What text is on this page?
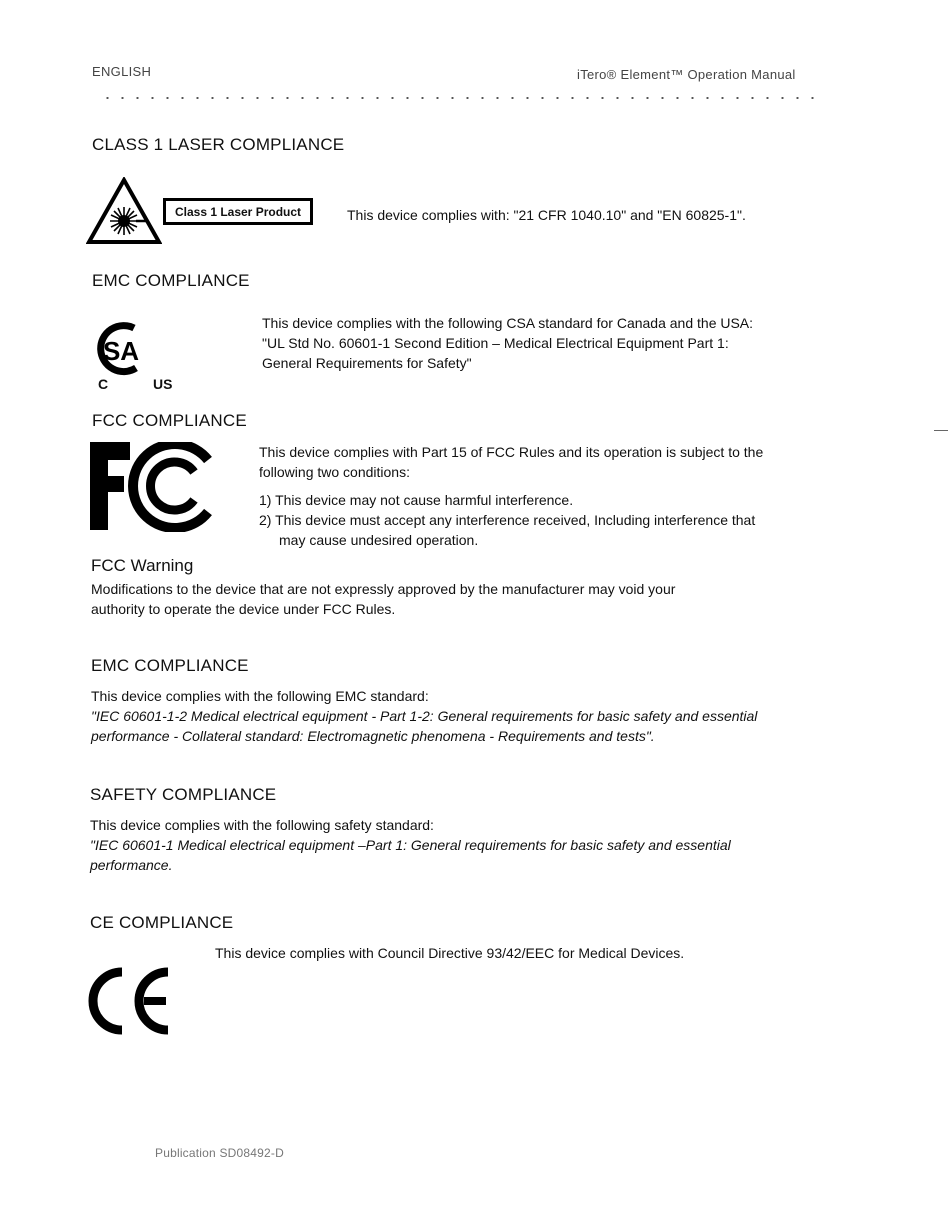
ENGLISH	iTero® Element™ Operation Manual
CLASS 1 LASER COMPLIANCE
Class 1 Laser Product	This device complies with: "21 CFR 1040.10" and "EN 60825-1".
EMC COMPLIANCE
SA
C	US
This device complies with the following CSA standard for Canada and the USA:
"UL Std No. 60601-1 Second Edition – Medical Electrical Equipment Part 1:
General Requirements for Safety"
FCC COMPLIANCE
This device complies with Part 15 of FCC Rules and its operation is subject to the
following two conditions:
1) This device may not cause harmful interference.
2) This device must accept any interference received, Including interference that
may cause undesired operation.
FCC Warning
Modifications to the device that are not expressly approved by the manufacturer may void your
authority to operate the device under FCC Rules.
EMC COMPLIANCE
This device complies with the following EMC standard:
"IEC 60601-1-2 Medical electrical equipment - Part 1-2: General requirements for basic safety and essential
performance - Collateral standard: Electromagnetic phenomena - Requirements and tests".
SAFETY COMPLIANCE
This device complies with the following safety standard:
"IEC 60601-1 Medical electrical equipment –Part 1: General requirements for basic safety and essential
performance.
CE COMPLIANCE
This device complies with Council Directive 93/42/EEC for Medical Devices.
Publication SD08492-D
